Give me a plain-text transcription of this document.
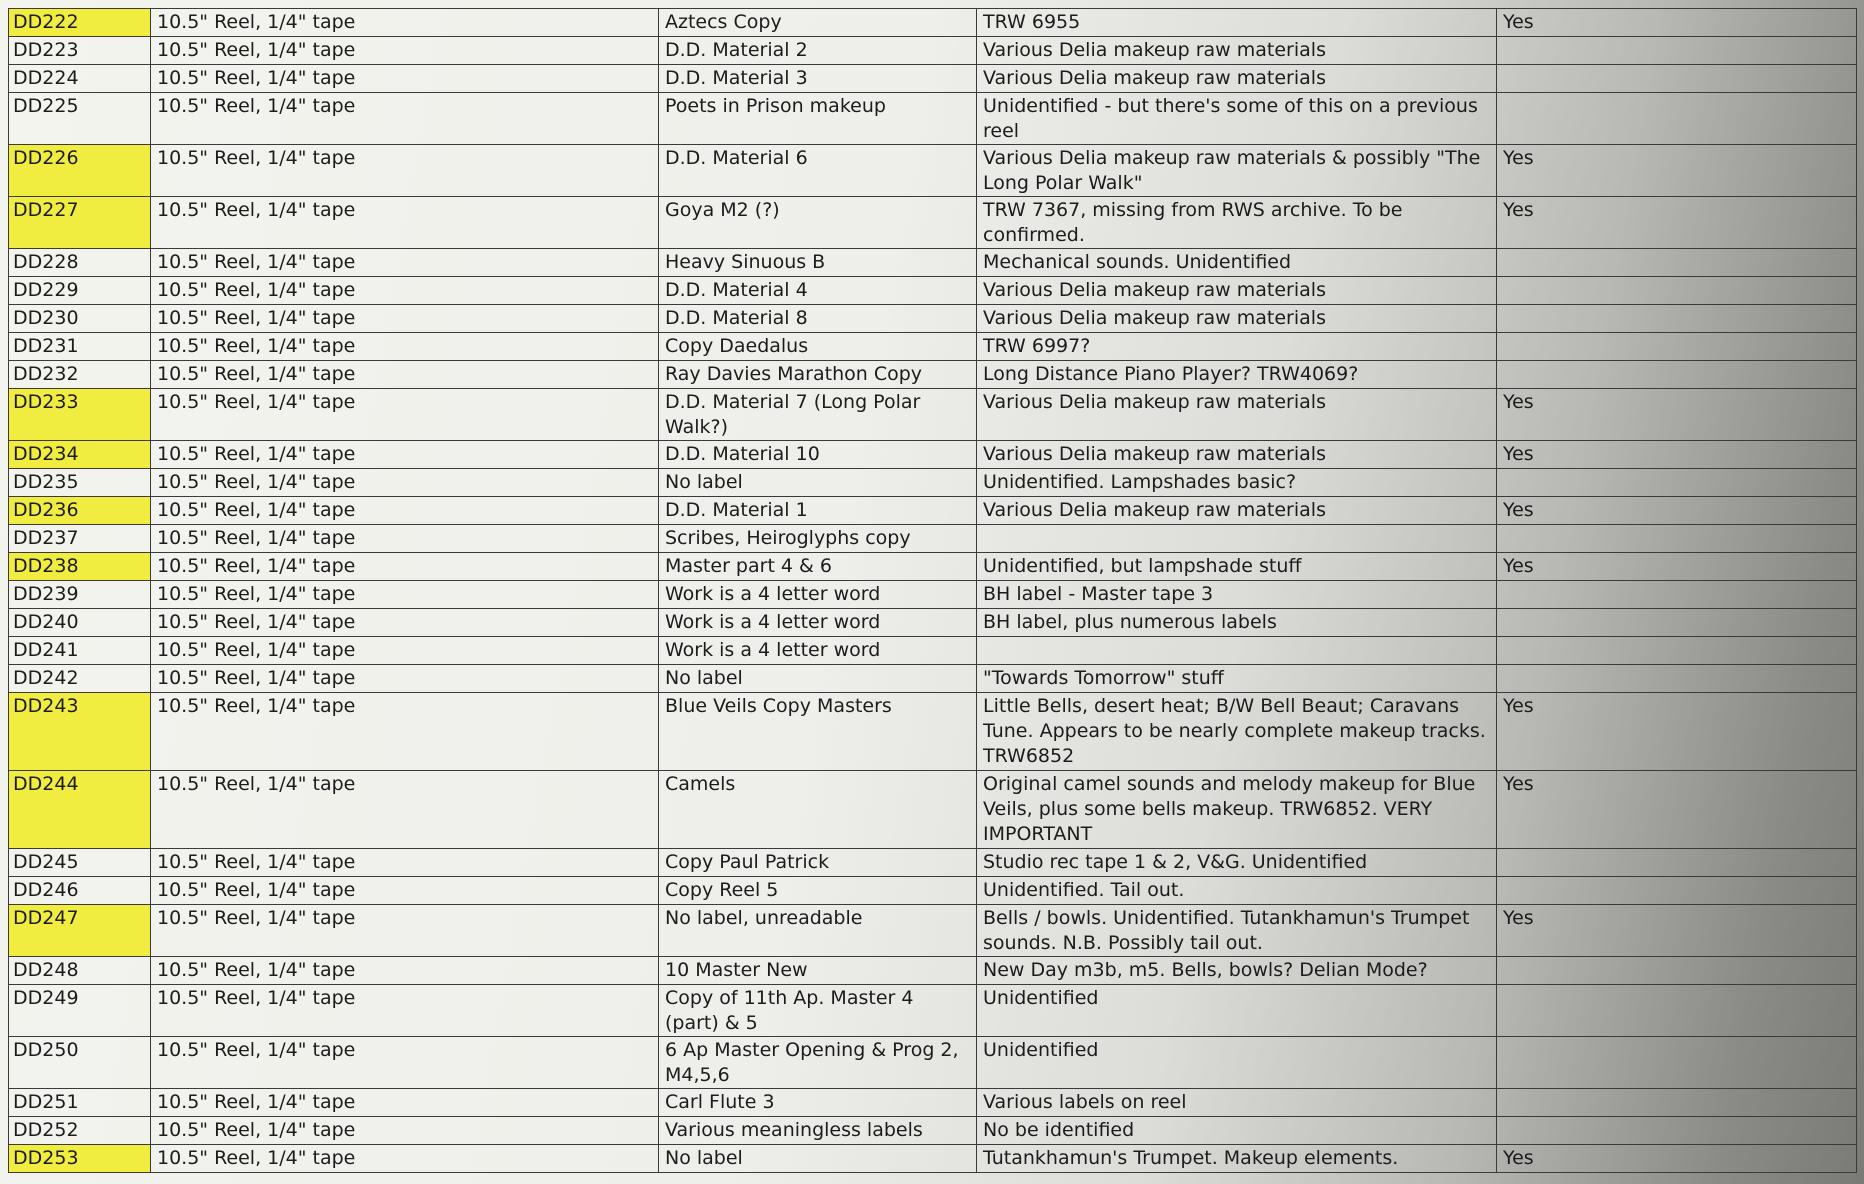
DD222	10.5" Reel, 1/4" tape	Aztecs Copy	TRW 6955	Yes
DD223	10.5" Reel, 1/4" tape	D.D. Material 2	Various Delia makeup raw materials	
DD224	10.5" Reel, 1/4" tape	D.D. Material 3	Various Delia makeup raw materials	
DD225	10.5" Reel, 1/4" tape	Poets in Prison makeup	Unidentified - but there's some of this on a previous reel	
DD226	10.5" Reel, 1/4" tape	D.D. Material 6	Various Delia makeup raw materials & possibly "The Long Polar Walk"	Yes
DD227	10.5" Reel, 1/4" tape	Goya M2 (?)	TRW 7367, missing from RWS archive. To be confirmed.	Yes
DD228	10.5" Reel, 1/4" tape	Heavy Sinuous B	Mechanical sounds. Unidentified	
DD229	10.5" Reel, 1/4" tape	D.D. Material 4	Various Delia makeup raw materials	
DD230	10.5" Reel, 1/4" tape	D.D. Material 8	Various Delia makeup raw materials	
DD231	10.5" Reel, 1/4" tape	Copy Daedalus	TRW 6997?	
DD232	10.5" Reel, 1/4" tape	Ray Davies Marathon Copy	Long Distance Piano Player? TRW4069?	
DD233	10.5" Reel, 1/4" tape	D.D. Material 7 (Long Polar Walk?)	Various Delia makeup raw materials	Yes
DD234	10.5" Reel, 1/4" tape	D.D. Material 10	Various Delia makeup raw materials	Yes
DD235	10.5" Reel, 1/4" tape	No label	Unidentified. Lampshades basic?	
DD236	10.5" Reel, 1/4" tape	D.D. Material 1	Various Delia makeup raw materials	Yes
DD237	10.5" Reel, 1/4" tape	Scribes, Heiroglyphs copy		
DD238	10.5" Reel, 1/4" tape	Master part 4 & 6	Unidentified, but lampshade stuff	Yes
DD239	10.5" Reel, 1/4" tape	Work is a 4 letter word	BH label - Master tape 3	
DD240	10.5" Reel, 1/4" tape	Work is a 4 letter word	BH label, plus numerous labels	
DD241	10.5" Reel, 1/4" tape	Work is a 4 letter word		
DD242	10.5" Reel, 1/4" tape	No label	"Towards Tomorrow" stuff	
DD243	10.5" Reel, 1/4" tape	Blue Veils Copy Masters	Little Bells, desert heat; B/W Bell Beaut; Caravans Tune. Appears to be nearly complete makeup tracks. TRW6852	Yes
DD244	10.5" Reel, 1/4" tape	Camels	Original camel sounds and melody makeup for Blue Veils, plus some bells makeup. TRW6852. VERY IMPORTANT	Yes
DD245	10.5" Reel, 1/4" tape	Copy Paul Patrick	Studio rec tape 1 & 2, V&G. Unidentified	
DD246	10.5" Reel, 1/4" tape	Copy Reel 5	Unidentified. Tail out.	
DD247	10.5" Reel, 1/4" tape	No label, unreadable	Bells / bowls. Unidentified. Tutankhamun's Trumpet sounds. N.B. Possibly tail out.	Yes
DD248	10.5" Reel, 1/4" tape	10 Master New	New Day m3b, m5. Bells, bowls? Delian Mode?	
DD249	10.5" Reel, 1/4" tape	Copy of 11th Ap. Master 4 (part) & 5	Unidentified	
DD250	10.5" Reel, 1/4" tape	6 Ap Master Opening & Prog 2, M4,5,6	Unidentified	
DD251	10.5" Reel, 1/4" tape	Carl Flute 3	Various labels on reel	
DD252	10.5" Reel, 1/4" tape	Various meaningless labels	No be identified	
DD253	10.5" Reel, 1/4" tape	No label	Tutankhamun's Trumpet. Makeup elements.	Yes
